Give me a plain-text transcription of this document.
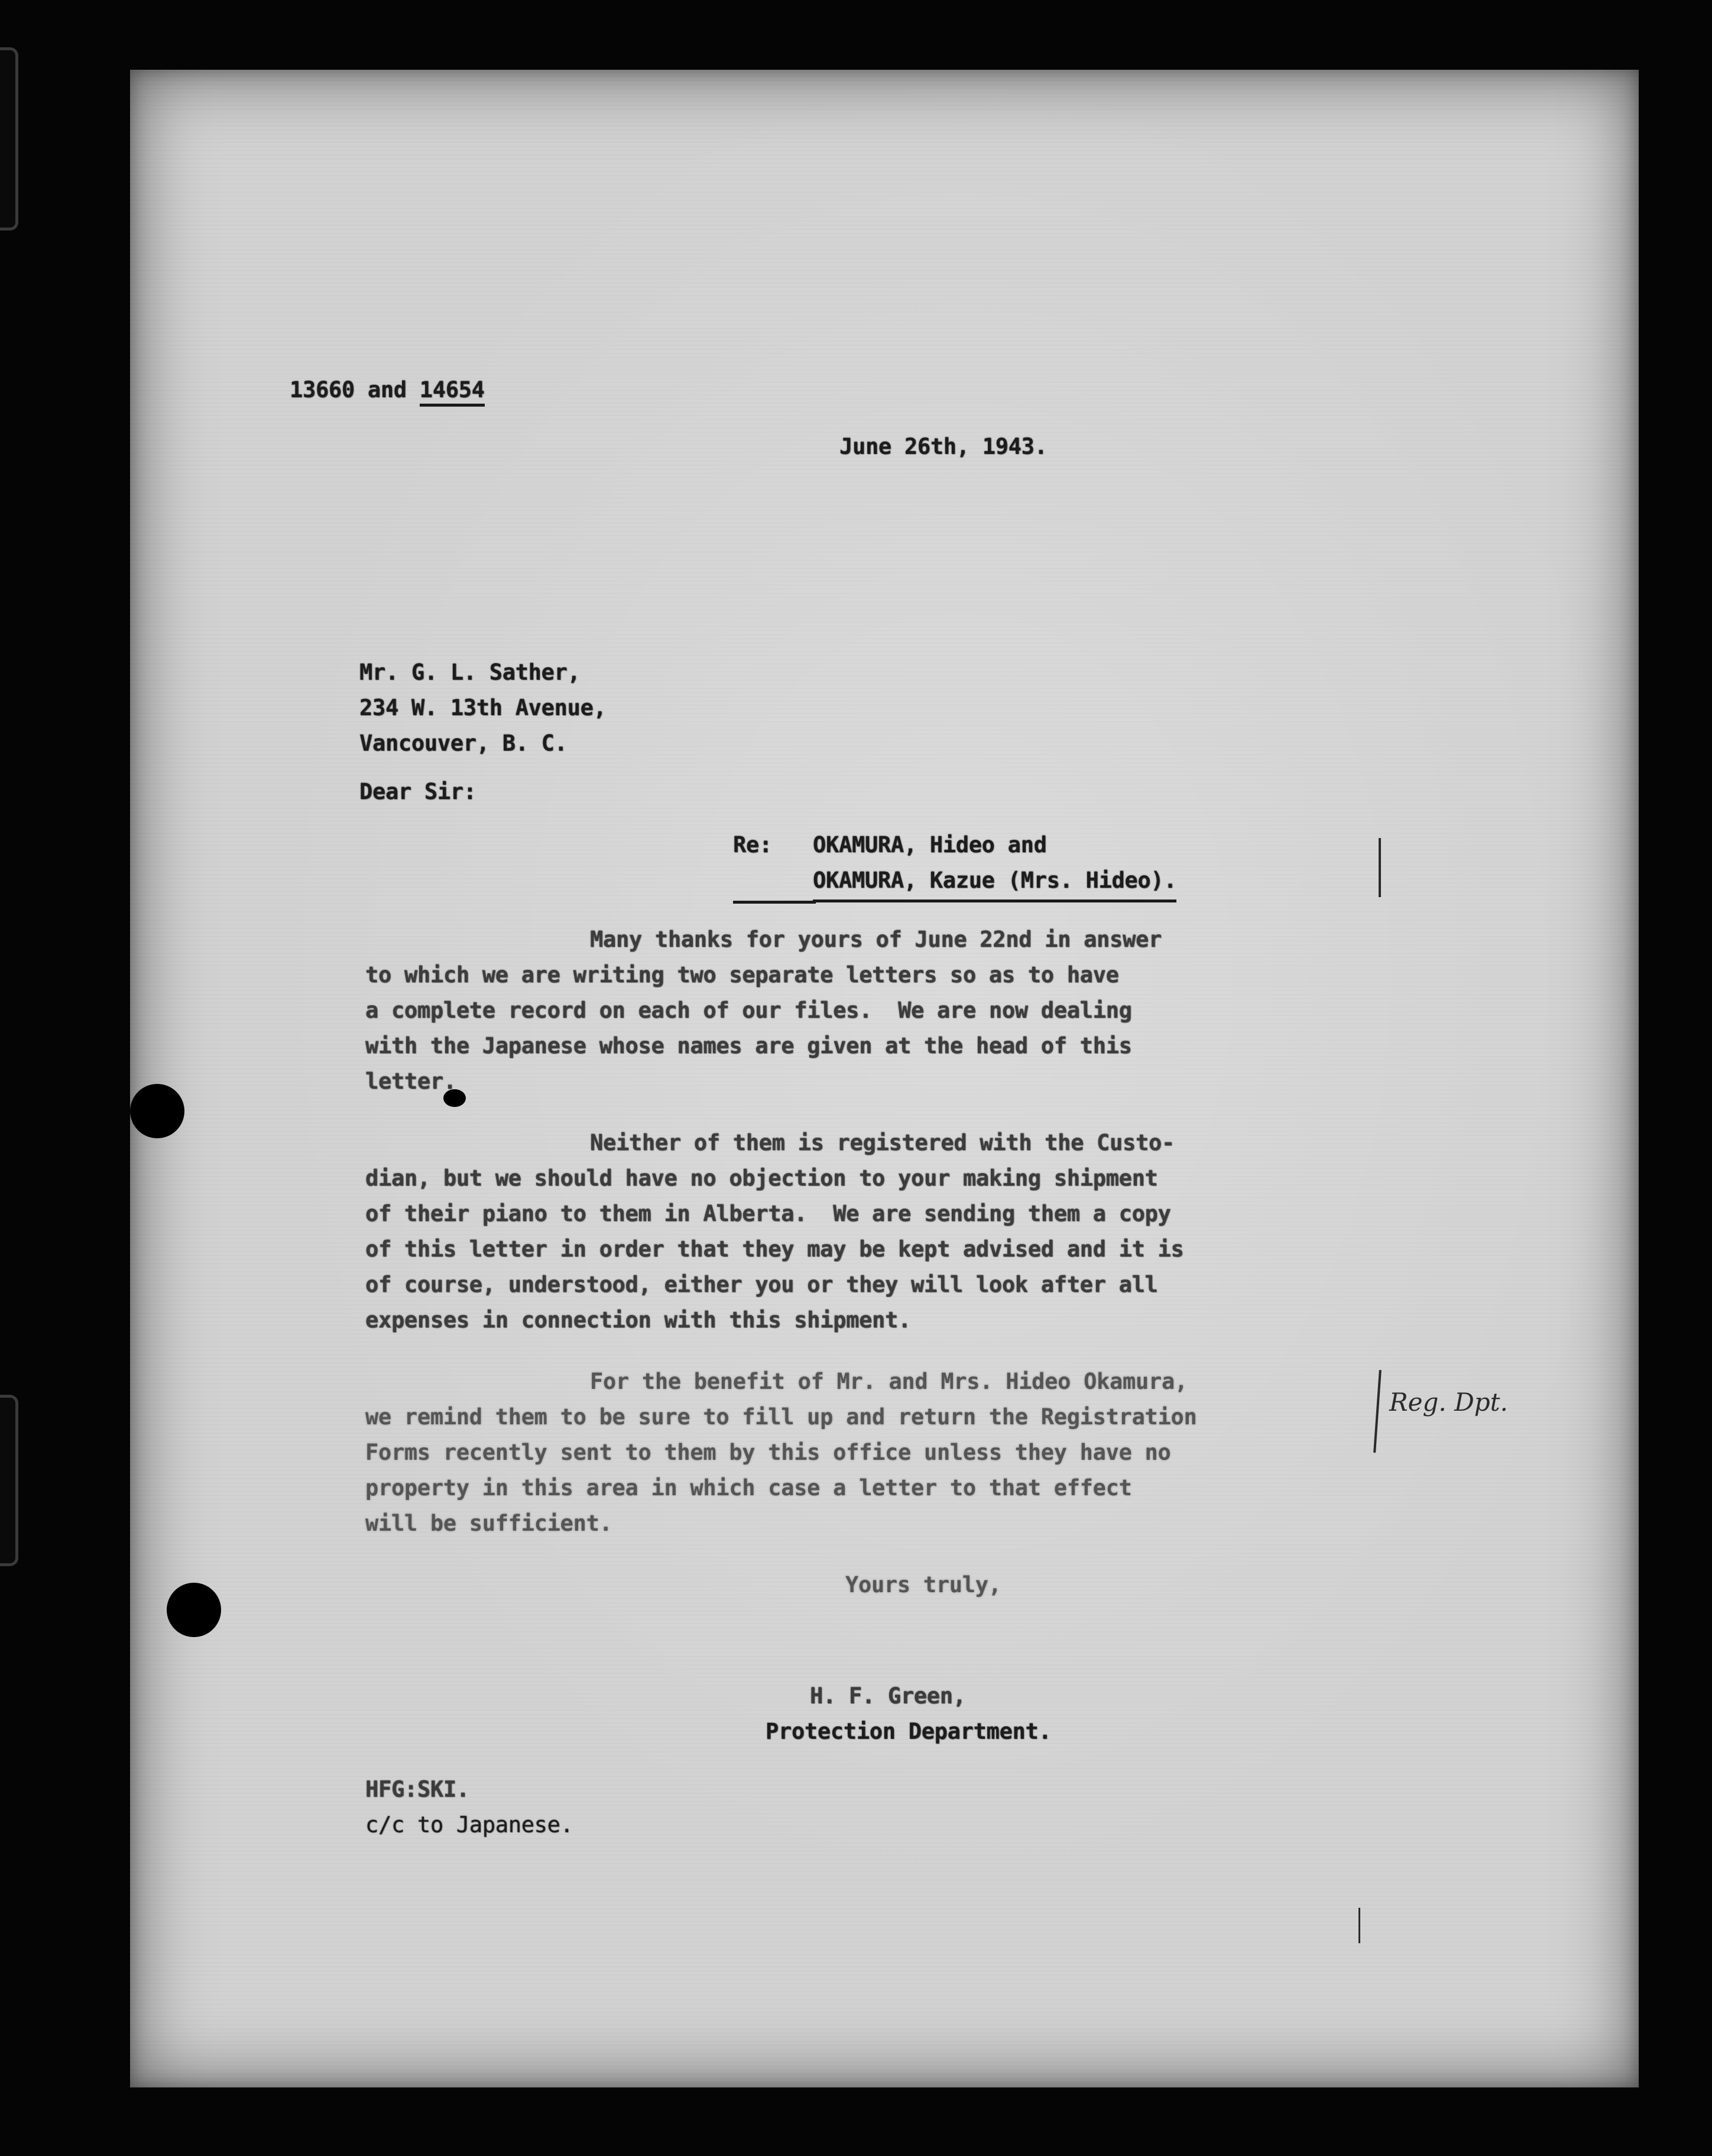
13660 and 14654
June 26th, 1943.
Mr. G. L. Sather,
234 W. 13th Avenue,
Vancouver, B. C.
Dear Sir:
Re: OKAMURA, Hideo and
OKAMURA, Kazue (Mrs. Hideo).
Many thanks for yours of June 22nd in answer
to which we are writing two separate letters so as to have
a complete record on each of our files.  We are now dealing
with the Japanese whose names are given at the head of this
letter.
Neither of them is registered with the Custo-
dian, but we should have no objection to your making shipment
of their piano to them in Alberta.  We are sending them a copy
of this letter in order that they may be kept advised and it is
of course, understood, either you or they will look after all
expenses in connection with this shipment.
For the benefit of Mr. and Mrs. Hideo Okamura,
we remind them to be sure to fill up and return the Registration
Forms recently sent to them by this office unless they have no
property in this area in which case a letter to that effect
will be sufficient.
Reg. Dpt.
Yours truly,
H. F. Green,
Protection Department.
HFG:SKI.
c/c to Japanese.
